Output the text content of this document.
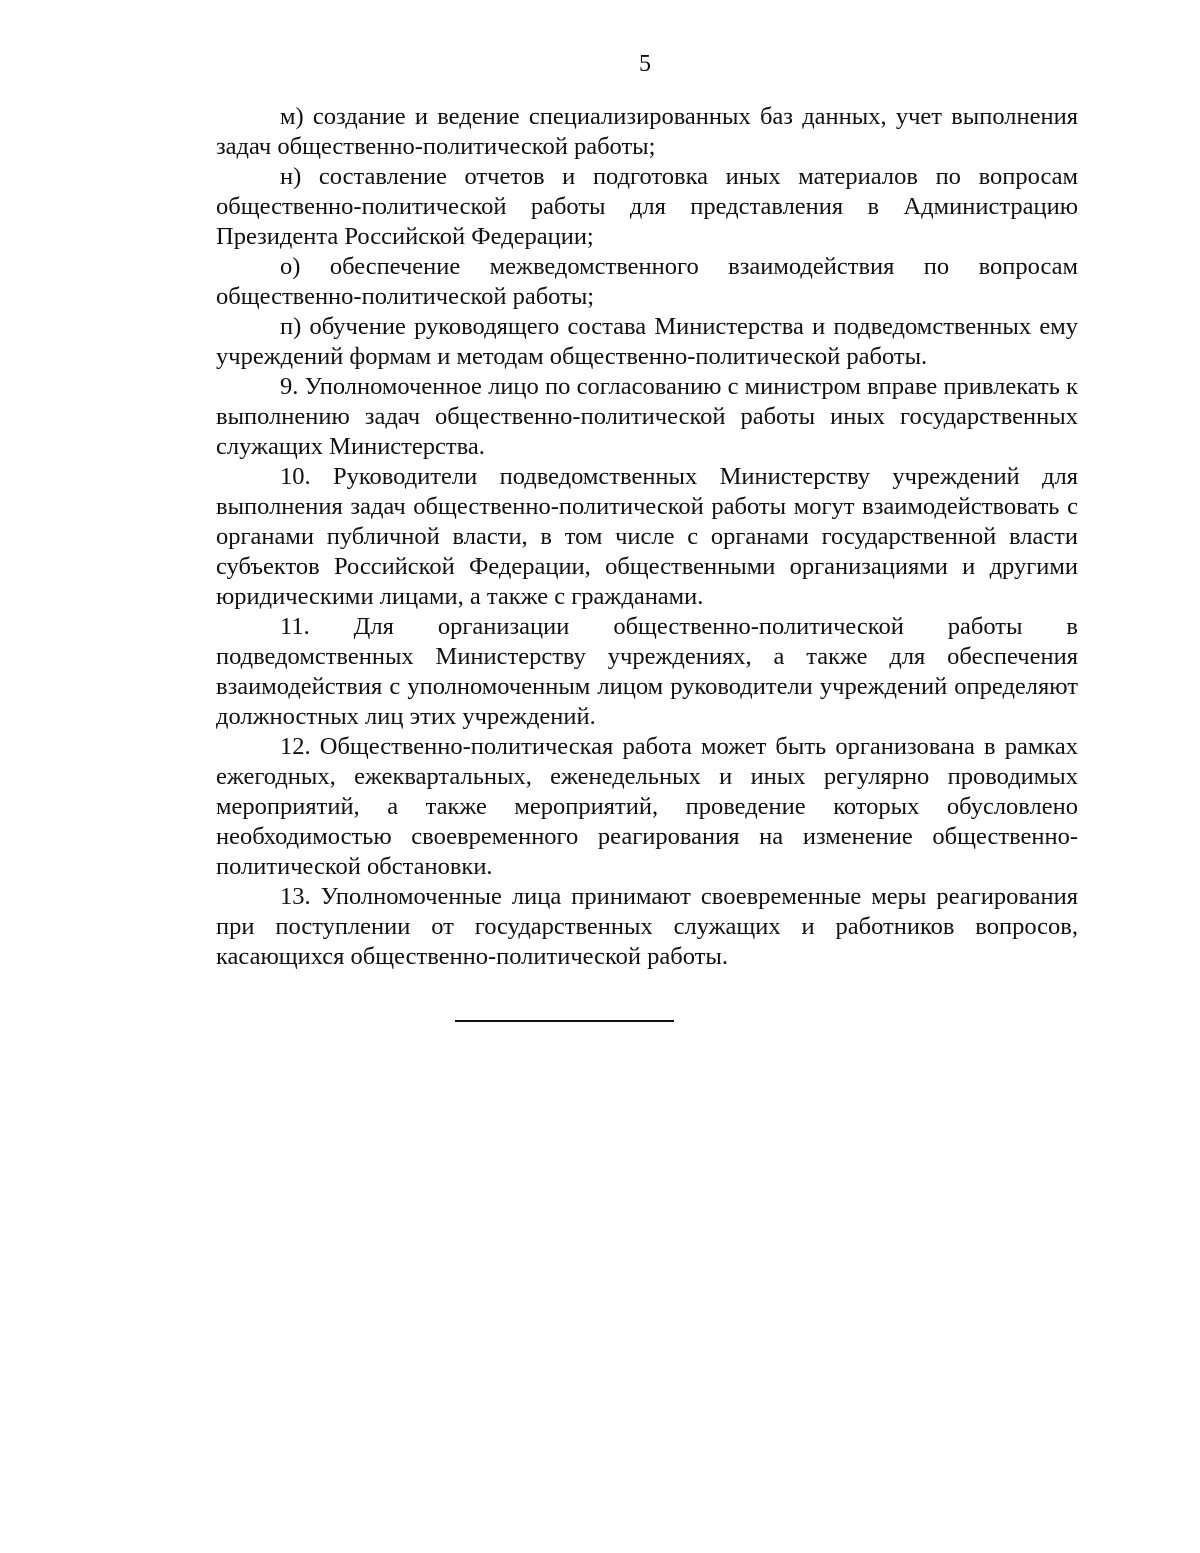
5

м) создание и ведение специализированных баз данных, учет выполнения задач общественно-политической работы;

н) составление отчетов и подготовка иных материалов по вопросам общественно-политической работы для представления в Администрацию Президента Российской Федерации;

о) обеспечение межведомственного взаимодействия по вопросам общественно-политической работы;

п) обучение руководящего состава Министерства и подведомственных ему учреждений формам и методам общественно-политической работы.

9. Уполномоченное лицо по согласованию с министром вправе привлекать к выполнению задач общественно-политической работы иных государственных служащих Министерства.

10. Руководители подведомственных Министерству учреждений для выполнения задач общественно-политической работы могут взаимодействовать с органами публичной власти, в том числе с органами государственной власти субъектов Российской Федерации, общественными организациями и другими юридическими лицами, а также с гражданами.

11. Для организации общественно-политической работы в подведомственных Министерству учреждениях, а также для обеспечения взаимодействия с уполномоченным лицом руководители учреждений определяют должностных лиц этих учреждений.

12. Общественно-политическая работа может быть организована в рамках ежегодных, ежеквартальных, еженедельных и иных регулярно проводимых мероприятий, а также мероприятий, проведение которых обусловлено необходимостью своевременного реагирования на изменение общественно-политической обстановки.

13. Уполномоченные лица принимают своевременные меры реагирования при поступлении от государственных служащих и работников вопросов, касающихся общественно-политической работы.
